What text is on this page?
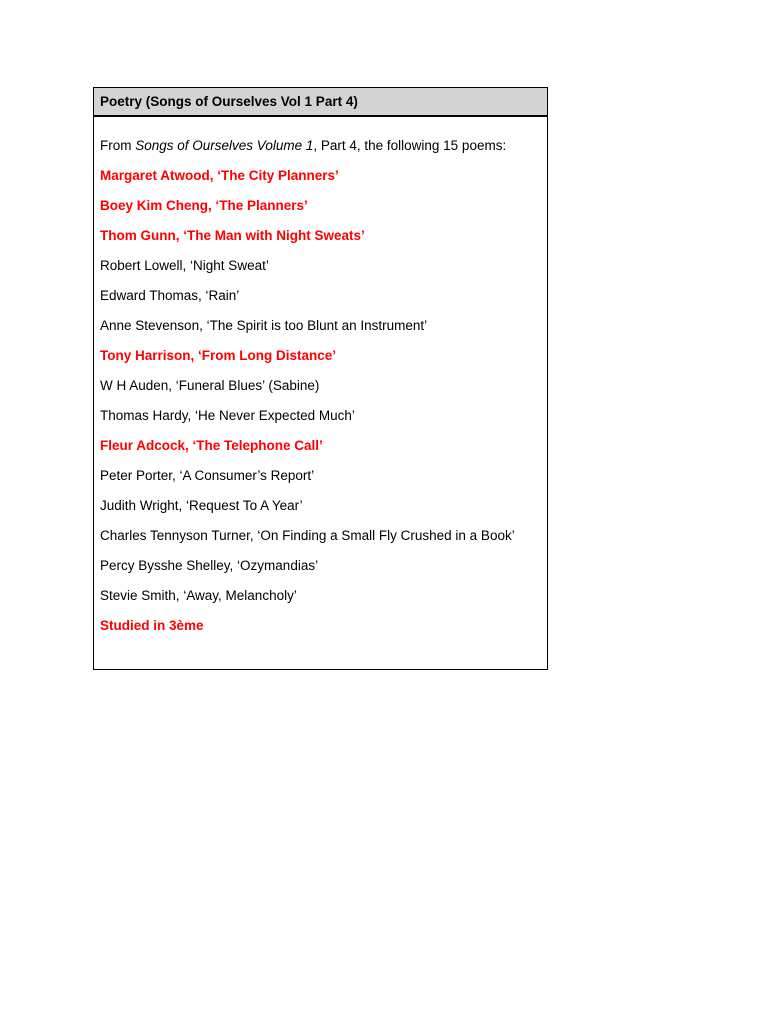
Poetry (Songs of Ourselves Vol 1 Part 4)
From Songs of Ourselves Volume 1, Part 4, the following 15 poems:
Margaret Atwood, ‘The City Planners’
Boey Kim Cheng, ‘The Planners’
Thom Gunn, ‘The Man with Night Sweats’
Robert Lowell, ‘Night Sweat’
Edward Thomas, ‘Rain’
Anne Stevenson, ‘The Spirit is too Blunt an Instrument’
Tony Harrison, ‘From Long Distance’
W H Auden, ‘Funeral Blues’ (Sabine)
Thomas Hardy, ‘He Never Expected Much’
Fleur Adcock, ‘The Telephone Call’
Peter Porter, ‘A Consumer’s Report’
Judith Wright, ‘Request To A Year’
Charles Tennyson Turner, ‘On Finding a Small Fly Crushed in a Book’
Percy Bysshe Shelley, ‘Ozymandias’
Stevie Smith, ‘Away, Melancholy’
Studied in 3ème
